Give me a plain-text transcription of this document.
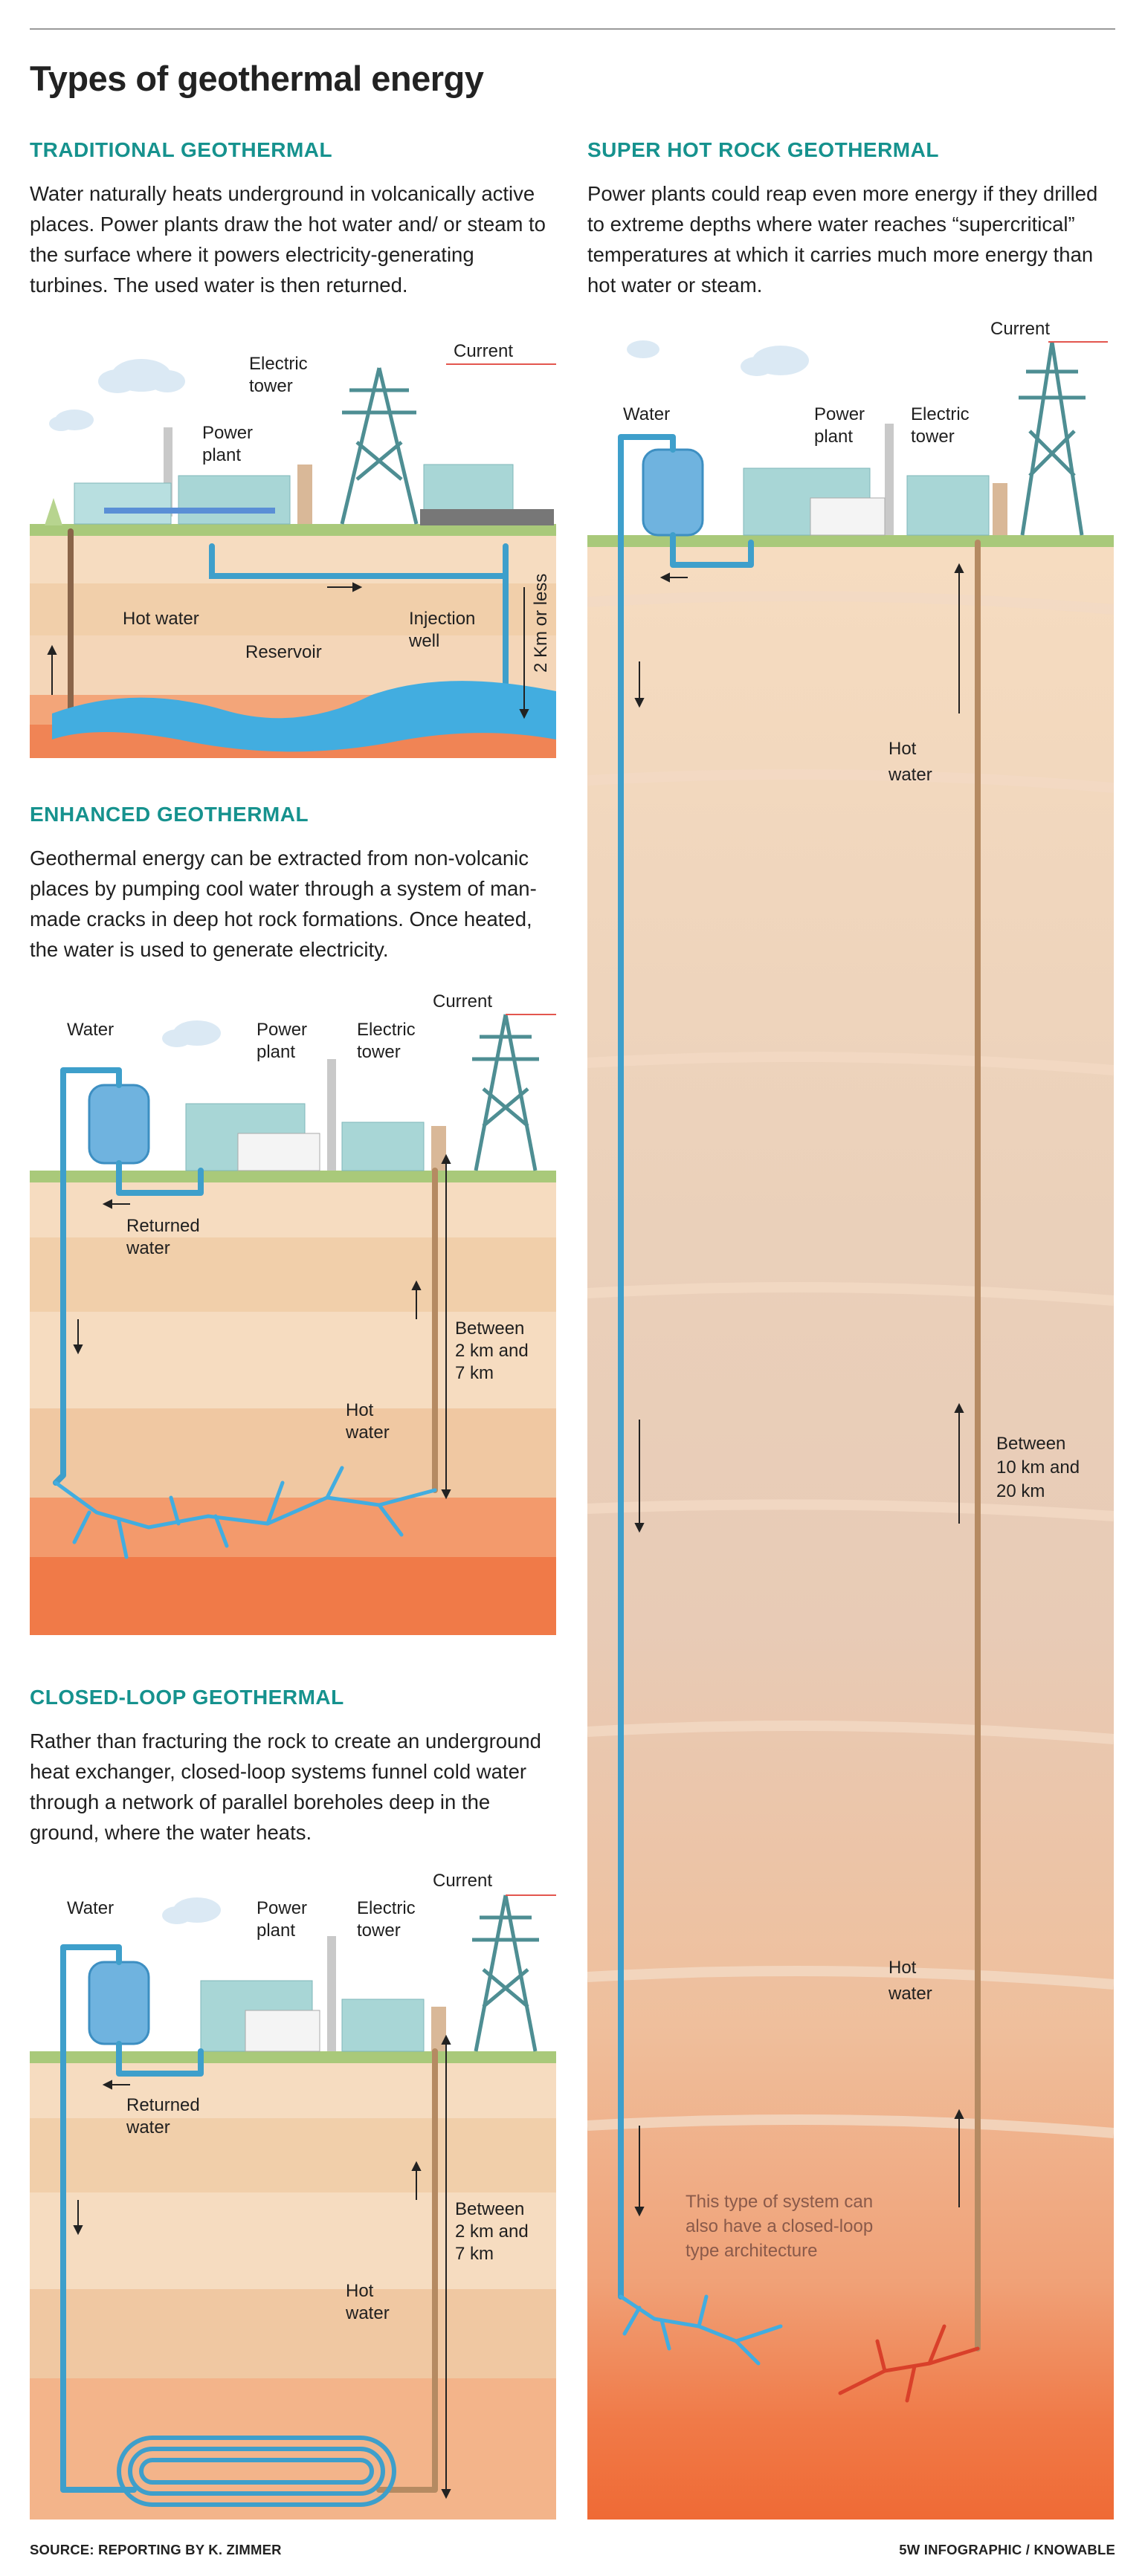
Types of geothermal energy
TRADITIONAL GEOTHERMAL

Water naturally heats underground in volcanically active places. Power plants draw the hot water and/ or steam to the surface where it powers electricity-generating turbines. The used water is then returned.

Electric
tower
Current
Power
plant
Hot water
Reservoir
Injection
well	2 Km or less
ENHANCED GEOTHERMAL

Geothermal energy can be extracted from non-volcanic places by pumping cool water through a system of man-made cracks in deep hot rock formations. Once heated, the water is used to generate electricity.

Water	Power
plant
Electric
tower
Current
Returned
water
Between
2 km and
7 km
Hot
water
CLOSED-LOOP GEOTHERMAL

Rather than fracturing the rock to create an underground heat exchanger, closed-loop systems funnel cold water through a network of parallel boreholes deep in the ground, where the water heats.

Water	Power
plant
Electric
tower
Current
Returned
water
Between
2 km and
7 km
Hot
water
SUPER HOT ROCK GEOTHERMAL

Power plants could reap even more energy if they drilled to extreme depths where water reaches “supercritical” temperatures at which it carries much more energy than hot water or steam.

Current
Water	Power
plant
Electric
tower
Hot
water
Between
10 km and
20 km
Hot
water
This type of system can
also have a closed-loop
type architecture
SOURCE: REPORTING BY K. ZIMMER	5W INFOGRAPHIC / KNOWABLE
